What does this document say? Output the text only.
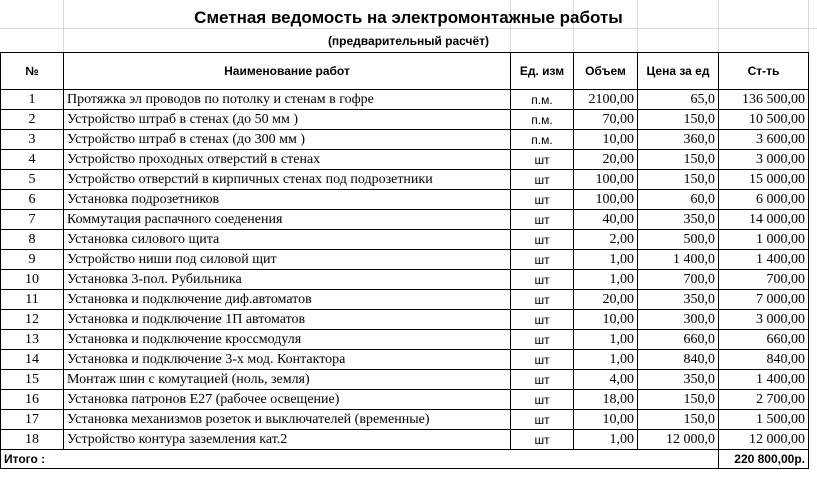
Сметная ведомость на электромонтажные работы
(предварительный расчёт)
№	Наименование работ	Ед. изм	Объем	Цена за ед	Ст-ть
1	Протяжка эл проводов по потолку и стенам в гофре	п.м.	2100,00	65,0	136 500,00
2	Устройство штраб в стенах (до 50 мм )	п.м.	70,00	150,0	10 500,00
3	Устройство штраб в стенах (до 300 мм )	п.м.	10,00	360,0	3 600,00
4	Устройство проходных отверстий в стенах	шт	20,00	150,0	3 000,00
5	Устройство отверстий в кирпичных стенах под подрозетники	шт	100,00	150,0	15 000,00
6	Установка подрозетников	шт	100,00	60,0	6 000,00
7	Коммутация распачного соеденения	шт	40,00	350,0	14 000,00
8	Установка силового щита	шт	2,00	500,0	1 000,00
9	Устройство ниши под силовой щит	шт	1,00	1 400,0	1 400,00
10	Установка 3-пол. Рубильника	шт	1,00	700,0	700,00
11	Установка и подключение диф.автоматов	шт	20,00	350,0	7 000,00
12	Установка и подключение 1П автоматов	шт	10,00	300,0	3 000,00
13	Установка и подключение кроссмодуля	шт	1,00	660,0	660,00
14	Установка и подключение 3-х мод. Контактора	шт	1,00	840,0	840,00
15	Монтаж шин с комутацией (ноль, земля)	шт	4,00	350,0	1 400,00
16	Установка патронов Е27 (рабочее освещение)	шт	18,00	150,0	2 700,00
17	Установка механизмов розеток и выключателей (временные)	шт	10,00	150,0	1 500,00
18	Устройство контура заземления кат.2	шт	1,00	12 000,0	12 000,00
Итого :					220 800,00р.
